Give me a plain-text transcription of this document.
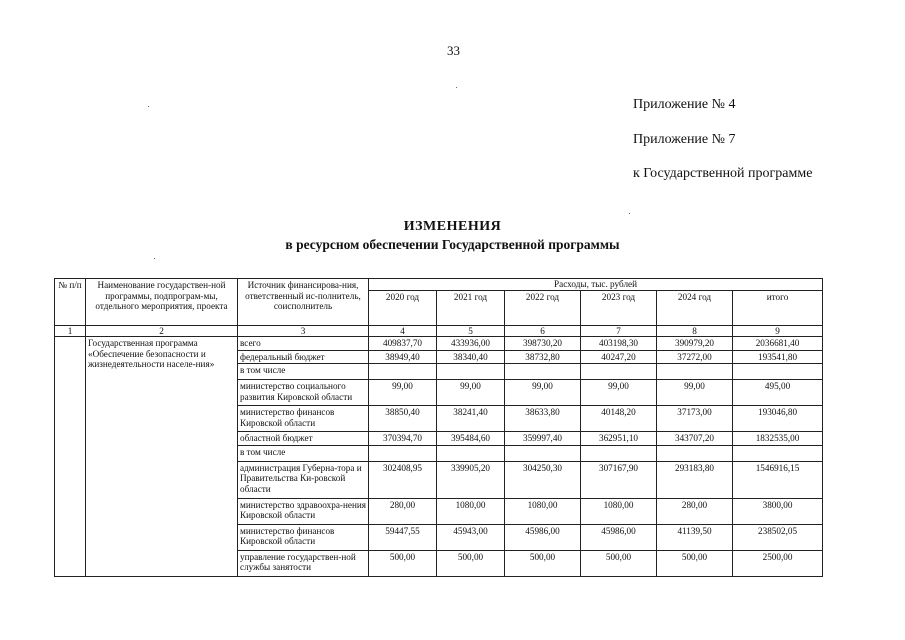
33
Приложение № 4
Приложение № 7
к Государственной программе
ИЗМЕНЕНИЯ
в ресурсном обеспечении Государственной программы
№ п/п	Наименование государствен-ной программы, подпрограм-мы, отдельного мероприятия, проекта	Источник финансирова-ния, ответственный ис-полнитель, соисполнитель	Расходы, тыс. рублей					
			2020 год	2021 год	2022 год	2023 год	2024 год	итого
1	2	3	4	5	6	7	8	9
	Государственная программа «Обеспечение безопасности и жизнедеятельности населе-ния»	всего	409837,70	433936,00	398730,20	403198,30	390979,20	2036681,40
		федеральный бюджет	38949,40	38340,40	38732,80	40247,20	37272,00	193541,80
		в том числе						
		министерство социального развития Кировской области	99,00	99,00	99,00	99,00	99,00	495,00
		министерство финансов Кировской области	38850,40	38241,40	38633,80	40148,20	37173,00	193046,80
		областной бюджет	370394,70	395484,60	359997,40	362951,10	343707,20	1832535,00
		в том числе						
		администрация Губерна-тора и Правительства Ки-ровской области	302408,95	339905,20	304250,30	307167,90	293183,80	1546916,15
		министерство здравоохра-нения Кировской области	280,00	1080,00	1080,00	1080,00	280,00	3800,00
		министерство финансов Кировской области	59447,55	45943,00	45986,00	45986,00	41139,50	238502,05
		управление государствен-ной службы занятости	500,00	500,00	500,00	500,00	500,00	2500,00
